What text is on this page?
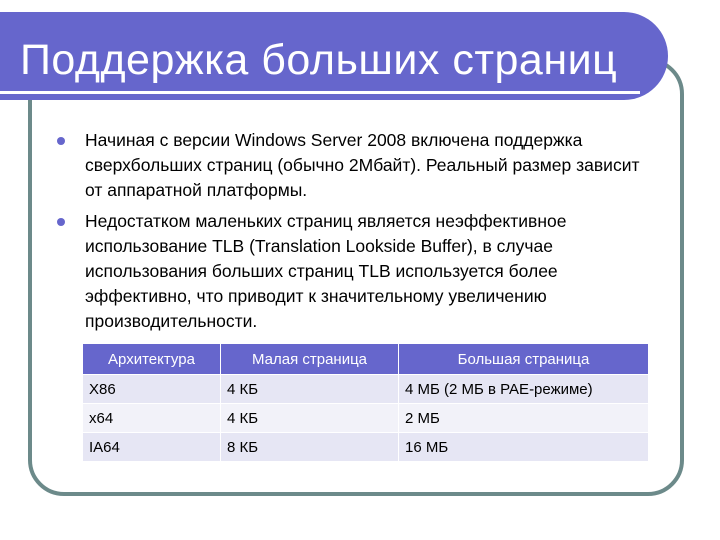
Поддержка больших страниц
Начиная с версии Windows Server 2008 включена поддержка сверхбольших страниц (обычно 2Мбайт). Реальный размер зависит от аппаратной платформы.
Недостатком маленьких страниц является неэффективное использование TLB (Translation Lookside Buffer), в случае использования больших страниц TLB используется более эффективно, что приводит к значительному увеличению производительности.
Архитектура	Малая страница	Большая страница
X86	4 КБ	4 МБ (2 МБ в PAE-режиме)
x64	4 КБ	2 МБ
IA64	8 КБ	16 МБ
